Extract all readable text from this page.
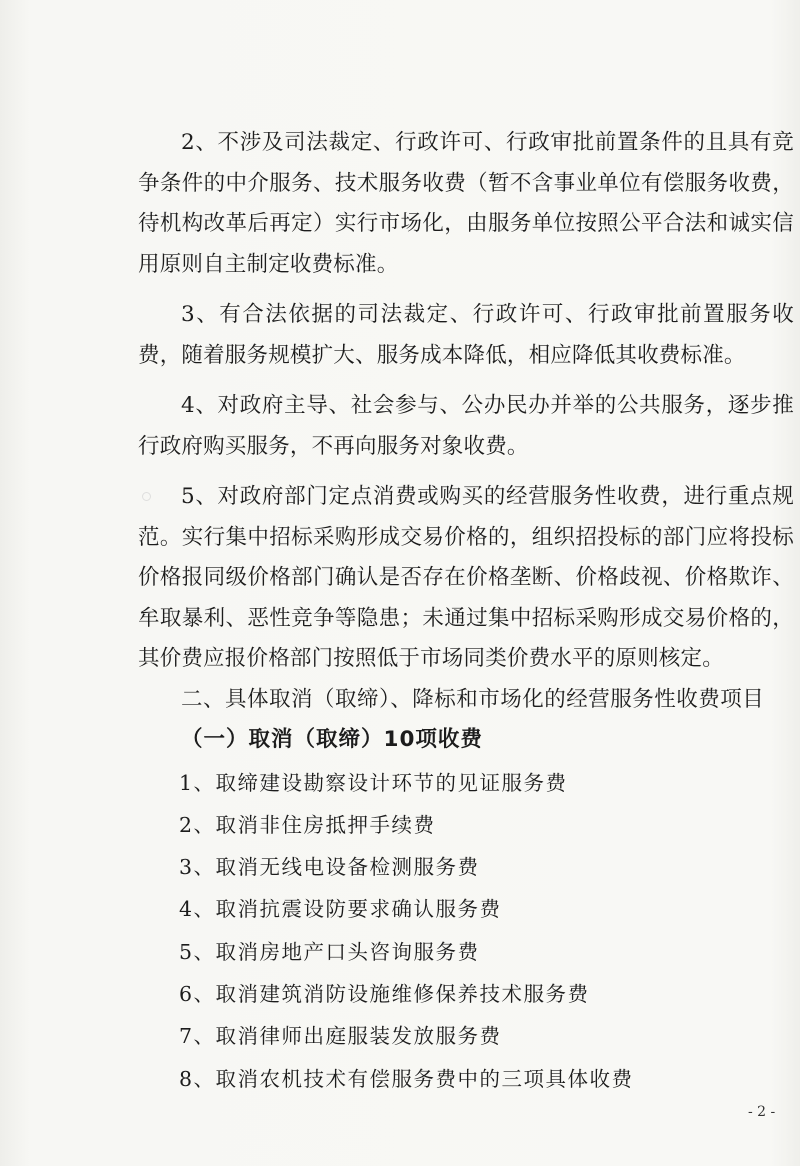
2、不涉及司法裁定、行政许可、行政审批前置条件的且具有竞争条件的中介服务、技术服务收费（暂不含事业单位有偿服务收费，待机构改革后再定）实行市场化，由服务单位按照公平合法和诚实信用原则自主制定收费标准。

3、有合法依据的司法裁定、行政许可、行政审批前置服务收费，随着服务规模扩大、服务成本降低，相应降低其收费标准。

4、对政府主导、社会参与、公办民办并举的公共服务，逐步推行政府购买服务，不再向服务对象收费。

5、对政府部门定点消费或购买的经营服务性收费，进行重点规范。实行集中招标采购形成交易价格的，组织招投标的部门应将投标价格报同级价格部门确认是否存在价格垄断、价格歧视、价格欺诈、牟取暴利、恶性竞争等隐患；未通过集中招标采购形成交易价格的，其价费应报价格部门按照低于市场同类价费水平的原则核定。

二、具体取消（取缔）、降标和市场化的经营服务性收费项目

（一）取消（取缔）10项收费

1、取缔建设勘察设计环节的见证服务费
2、取消非住房抵押手续费
3、取消无线电设备检测服务费
4、取消抗震设防要求确认服务费
5、取消房地产口头咨询服务费
6、取消建筑消防设施维修保养技术服务费
7、取消律师出庭服装发放服务费
8、取消农机技术有偿服务费中的三项具体收费
- 2 -
